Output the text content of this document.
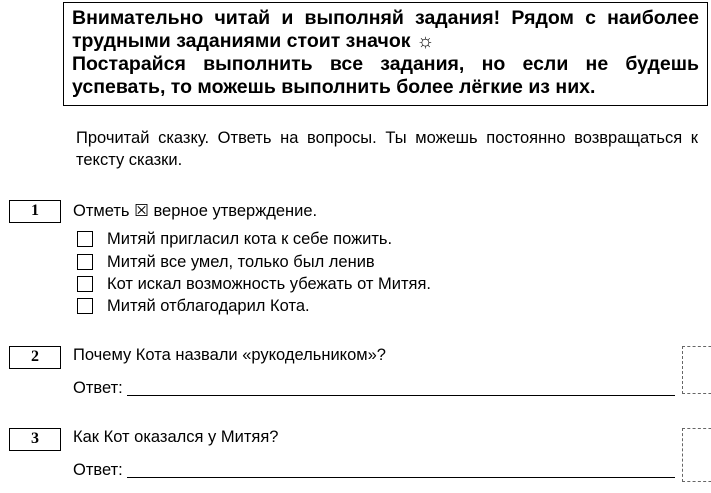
Внимательно читай и выполняй задания! Рядом с наиболее трудными заданиями стоит значок ☼
Постарайся выполнить все задания, но если не будешь успевать, то можешь выполнить более лёгкие из них.
Прочитай сказку. Ответь на вопросы. Ты можешь постоянно возвращаться к тексту сказки.
1	Отметь ☒ верное утверждение.
Митяй пригласил кота к себе пожить.
Митяй все умел, только был ленив
Кот искал возможность убежать от Митяя.
Митяй отблагодарил Кота.
2	Почему Кота назвали «рукодельником»?
Ответ:
3	Как Кот оказался у Митяя?
Ответ:
